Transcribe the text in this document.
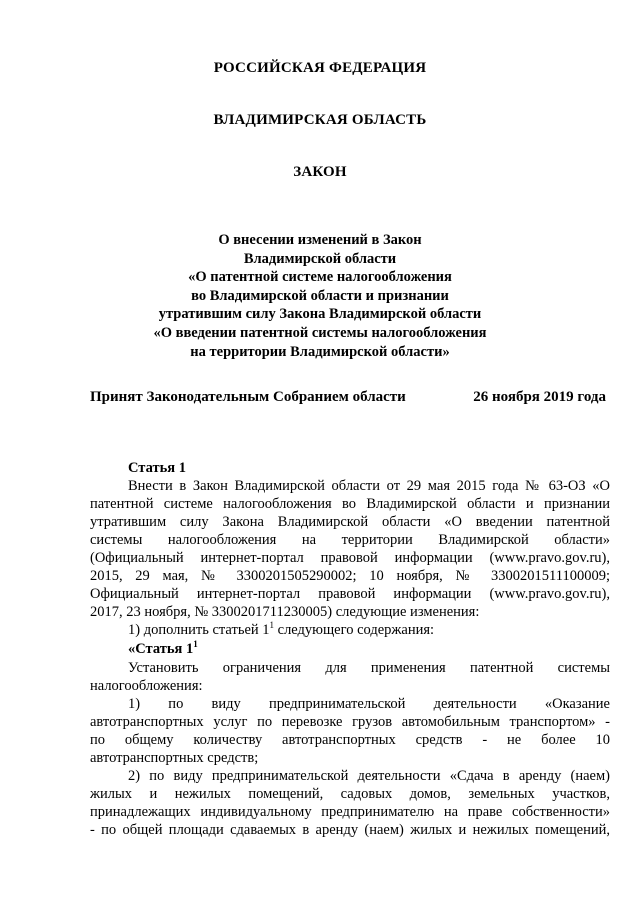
РОССИЙСКАЯ ФЕДЕРАЦИЯ
ВЛАДИМИРСКАЯ ОБЛАСТЬ
ЗАКОН
О внесении изменений в Закон
Владимирской области
«О патентной системе налогообложения
во Владимирской области и признании
утратившим силу Закона Владимирской области
«О введении патентной системы налогообложения
на территории Владимирской области»
Принят Законодательным Собранием области	26 ноября 2019 года
Статья 1
Внести в Закон Владимирской области от 29 мая 2015 года № 63-ОЗ «О
патентной системе налогообложения во Владимирской области и признании
утратившим силу Закона Владимирской области «О введении патентной
системы налогообложения на территории Владимирской области»
(Официальный интернет-портал правовой информации (www.pravo.gov.ru),
2015, 29 мая, № 3300201505290002; 10 ноября, № 3300201511100009;
Официальный интернет-портал правовой информации (www.pravo.gov.ru),
2017, 23 ноября, № 3300201711230005) следующие изменения:
1) дополнить статьей $1^1$ следующего содержания:
«Статья $1^1$
Установить ограничения для применения патентной системы
налогообложения:
1) по виду предпринимательской деятельности «Оказание
автотранспортных услуг по перевозке грузов автомобильным транспортом» -
по общему количеству автотранспортных средств - не более 10
автотранспортных средств;
2) по виду предпринимательской деятельности «Сдача в аренду (наем)
жилых и нежилых помещений, садовых домов, земельных участков,
принадлежащих индивидуальному предпринимателю на праве собственности»
- по общей площади сдаваемых в аренду (наем) жилых и нежилых помещений,
